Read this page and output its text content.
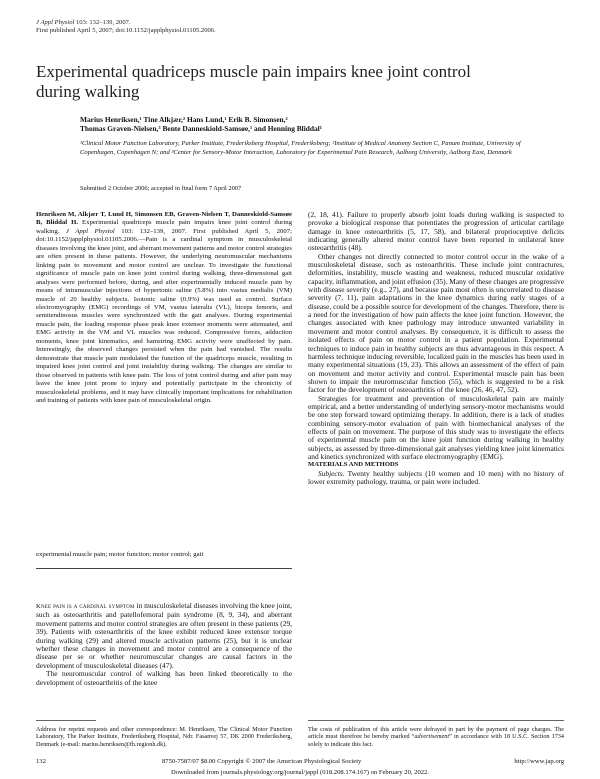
J Appl Physiol 103: 132–139, 2007.
First published April 5, 2007; doi:10.1152/japplphysiol.01105.2006.
Experimental quadriceps muscle pain impairs knee joint control during walking
Marius Henriksen,¹ Tine Alkjær,² Hans Lund,¹ Erik B. Simonsen,²
Thomas Graven-Nielsen,³ Bente Danneskiold-Samsøe,¹ and Henning Bliddal¹
¹Clinical Motor Function Laboratory, Parker Institute, Frederiksberg Hospital, Frederiksberg; ²Institute of Medical Anatomy Section C, Panum Institute, University of Copenhagen, Copenhagen N; and ³Center for Sensory-Motor Interaction, Laboratory for Experimental Pain Research, Aalborg University, Aalborg East, Denmark
Submitted 2 October 2006; accepted in final form 7 April 2007
Henriksen M, Alkjær T, Lund H, Simonsen EB, Graven-Nielsen T, Danneskiold-Samsøe B, Bliddal H. Experimental quadriceps muscle pain impairs knee joint control during walking. J Appl Physiol 103: 132–139, 2007. First published April 5, 2007; doi:10.1152/japplphysiol.01105.2006.—Pain is a cardinal symptom in musculoskeletal diseases involving the knee joint, and aberrant movement patterns and motor control strategies are often present in these patients. However, the underlying neuromuscular mechanisms linking pain to movement and motor control are unclear. To investigate the functional significance of muscle pain on knee joint control during walking, three-dimensional gait analyses were performed before, during, and after experimentally induced muscle pain by means of intramuscular injections of hypertonic saline (5.8%) into vastus medialis (VM) muscle of 20 healthy subjects. Isotonic saline (0.9%) was used as control. Surface electromyography (EMG) recordings of VM, vastus lateralis (VL), biceps femoris, and semitendinosus muscles were synchronized with the gait analyses. During experimental muscle pain, the loading response phase peak knee extensor moments were attenuated, and EMG activity in the VM and VL muscles was reduced. Compressive forces, adduction moments, knee joint kinematics, and hamstring EMG activity were unaffected by pain. Interestingly, the observed changes persisted when the pain had vanished. The results demonstrate that muscle pain modulated the function of the quadriceps muscle, resulting in impaired knee joint control and joint instability during walking. The changes are similar to those observed in patients with knee pain. The loss of joint control during and after pain may leave the knee joint prone to injury and potentially participate in the chronicity of musculoskeletal problems, and it may have clinically important implications for rehabilitation and training of patients with knee pain of musculoskeletal origin.
experimental muscle pain; motor function; motor control; gait
Knee pain is a cardinal symptom in musculoskeletal diseases involving the knee joint, such as osteoarthritis and patellofemoral pain syndrome (8, 9, 34), and aberrant movement patterns and motor control strategies are often present in these patients (29, 39). Patients with osteoarthritis of the knee exhibit reduced knee extensor torque during walking (29) and altered muscle activation patterns (25), but it is unclear whether these changes in movement and motor control are a consequence of the disease per se or whether neuromuscular changes are causal factors in the development of musculoskeletal diseases (47).
The neuromuscular control of walking has been linked theoretically to the development of osteoarthritis of the knee

(2, 18, 41). Failure to properly absorb joint loads during walking is suspected to provoke a biological response that potentiates the progression of articular cartilage damage in knee osteoarthritis (5, 17, 58), and bilateral proprioceptive deficits indicating generally altered motor control have been reported in unilateral knee osteoarthritis (48).

Other changes not directly connected to motor control occur in the wake of a musculoskeletal disease, such as osteoarthritis. These include joint contractures, deformities, instability, muscle wasting and weakness, reduced muscular oxidative capacity, inflammation, and joint effusion (35). Many of these changes are progressive with disease severity (e.g., 27), and because pain most often is uncorrelated to disease severity (7, 11), pain adaptations in the knee dynamics during early stages of a disease, could be a possible source for development of the changes. Therefore, there is a need for the investigation of how pain affects the knee joint function. However, the changes associated with knee pathology may introduce unwanted variability in movement and motor control analyses. By consequence, it is difficult to assess the isolated effects of pain on motor control in a patient population. Experimental techniques to induce pain in healthy subjects are thus advantageous in this respect. A harmless technique inducing reversible, localized pain in the muscles has been used in many experimental situations (19, 23). This allows an assessment of the effect of pain on movement and motor activity and control. Experimental muscle pain has been shown to impair the neuromuscular function (55), which is suggested to be a risk factor for the development of osteoarthritis of the knee (26, 46, 47, 52).

Strategies for treatment and prevention of musculoskeletal pain are mainly empirical, and a better understanding of underlying sensory-motor mechanisms would be one step forward toward optimizing therapy. In addition, there is a lack of studies combining sensory-motor evaluation of pain with biomechanical analyses of the effects of pain on movement. The purpose of this study was to investigate the effects of experimental muscle pain on the knee joint function during walking in healthy subjects, as assessed by three-dimensional gait analyses yielding knee joint kinematics and kinetics synchronized with surface electromyography (EMG).

MATERIALS AND METHODS

Subjects. Twenty healthy subjects (10 women and 10 men) with no history of lower extremity pathology, trauma, or pain were included.

Address for reprint requests and other correspondence: M. Henriksen, The Clinical Motor Function Laboratory, The Parker Institute, Frederiksberg Hospital, Ndr. Fasanvej 57, DK 2000 Frederiksberg, Denmark (e-mail: marius.henriksen@fh.regionh.dk).
The costs of publication of this article were defrayed in part by the payment of page charges. The article must therefore be hereby marked “advertisement” in accordance with 18 U.S.C. Section 1734 solely to indicate this fact.
132	8750-7587/07 $8.00 Copyright © 2007 the American Physiological Society	http://www.jap.org
Downloaded from journals.physiology.org/journal/jappl (018.208.174.167) on February 20, 2022.
